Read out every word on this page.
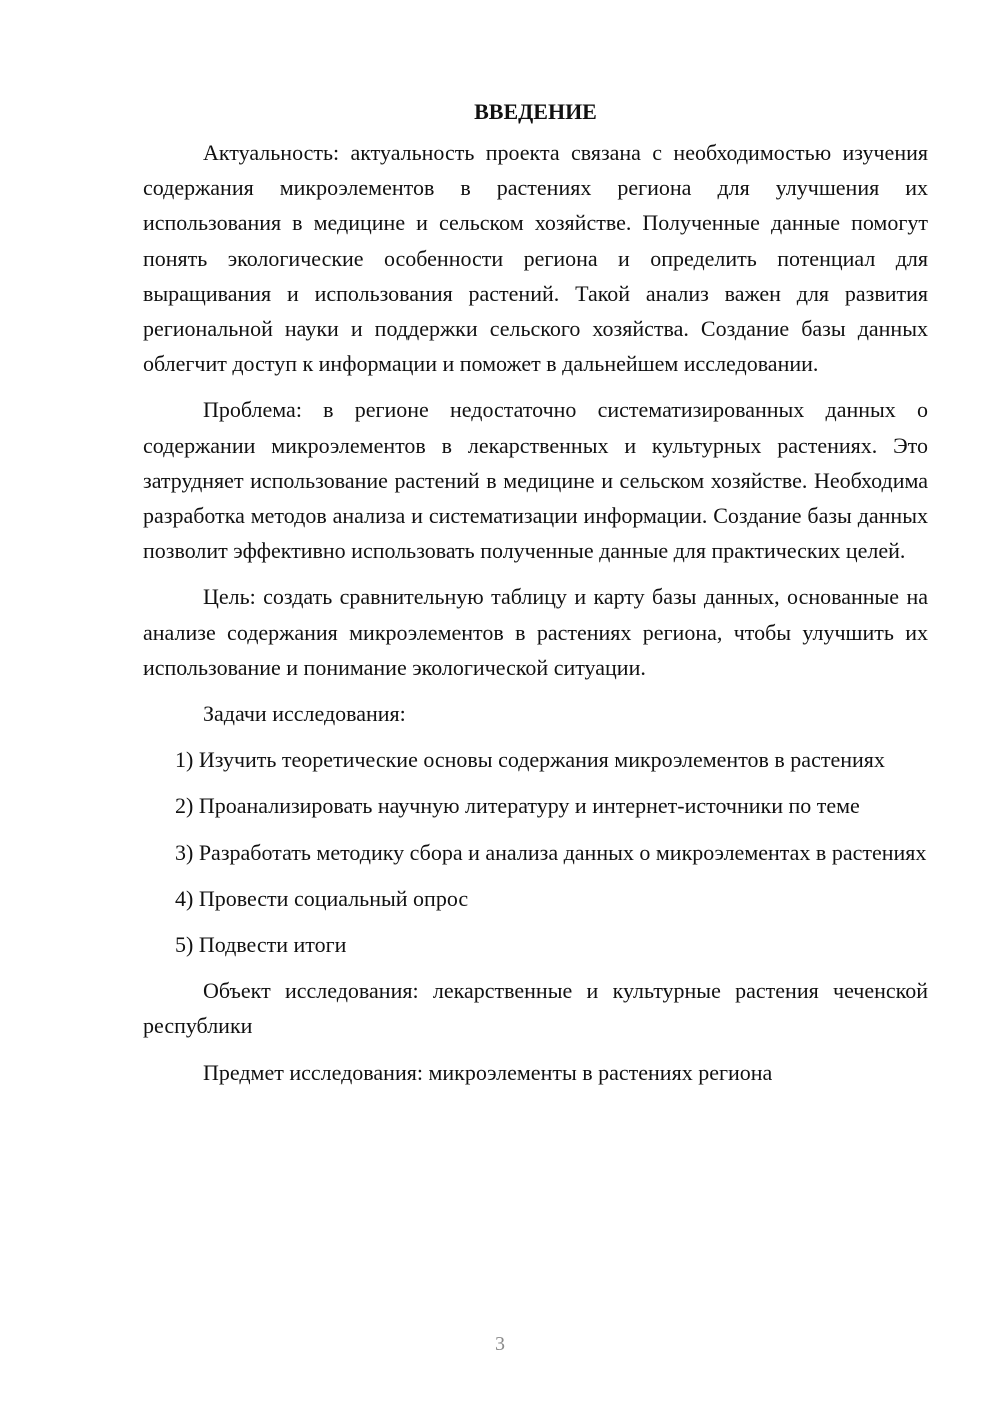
ВВЕДЕНИЕ

Актуальность: актуальность проекта связана с необходимостью изучения содержания микроэлементов в растениях региона для улучшения их использования в медицине и сельском хозяйстве. Полученные данные помогут понять экологические особенности региона и определить потенциал для выращивания и использования растений. Такой анализ важен для развития региональной науки и поддержки сельского хозяйства. Создание базы данных облегчит доступ к информации и поможет в дальнейшем исследовании.

Проблема: в регионе недостаточно систематизированных данных о содержании микроэлементов в лекарственных и культурных растениях. Это затрудняет использование растений в медицине и сельском хозяйстве. Необходима разработка методов анализа и систематизации информации. Создание базы данных позволит эффективно использовать полученные данные для практических целей.

Цель: создать сравнительную таблицу и карту базы данных, основанные на анализе содержания микроэлементов в растениях региона, чтобы улучшить их использование и понимание экологической ситуации.

Задачи исследования:

1) Изучить теоретические основы содержания микроэлементов в растениях

2) Проанализировать научную литературу и интернет-источники по теме

3) Разработать методику сбора и анализа данных о микроэлементах в растениях

4) Провести социальный опрос

5) Подвести итоги

Объект исследования: лекарственные и культурные растения чеченской республики

Предмет исследования: микроэлементы в растениях региона

3
